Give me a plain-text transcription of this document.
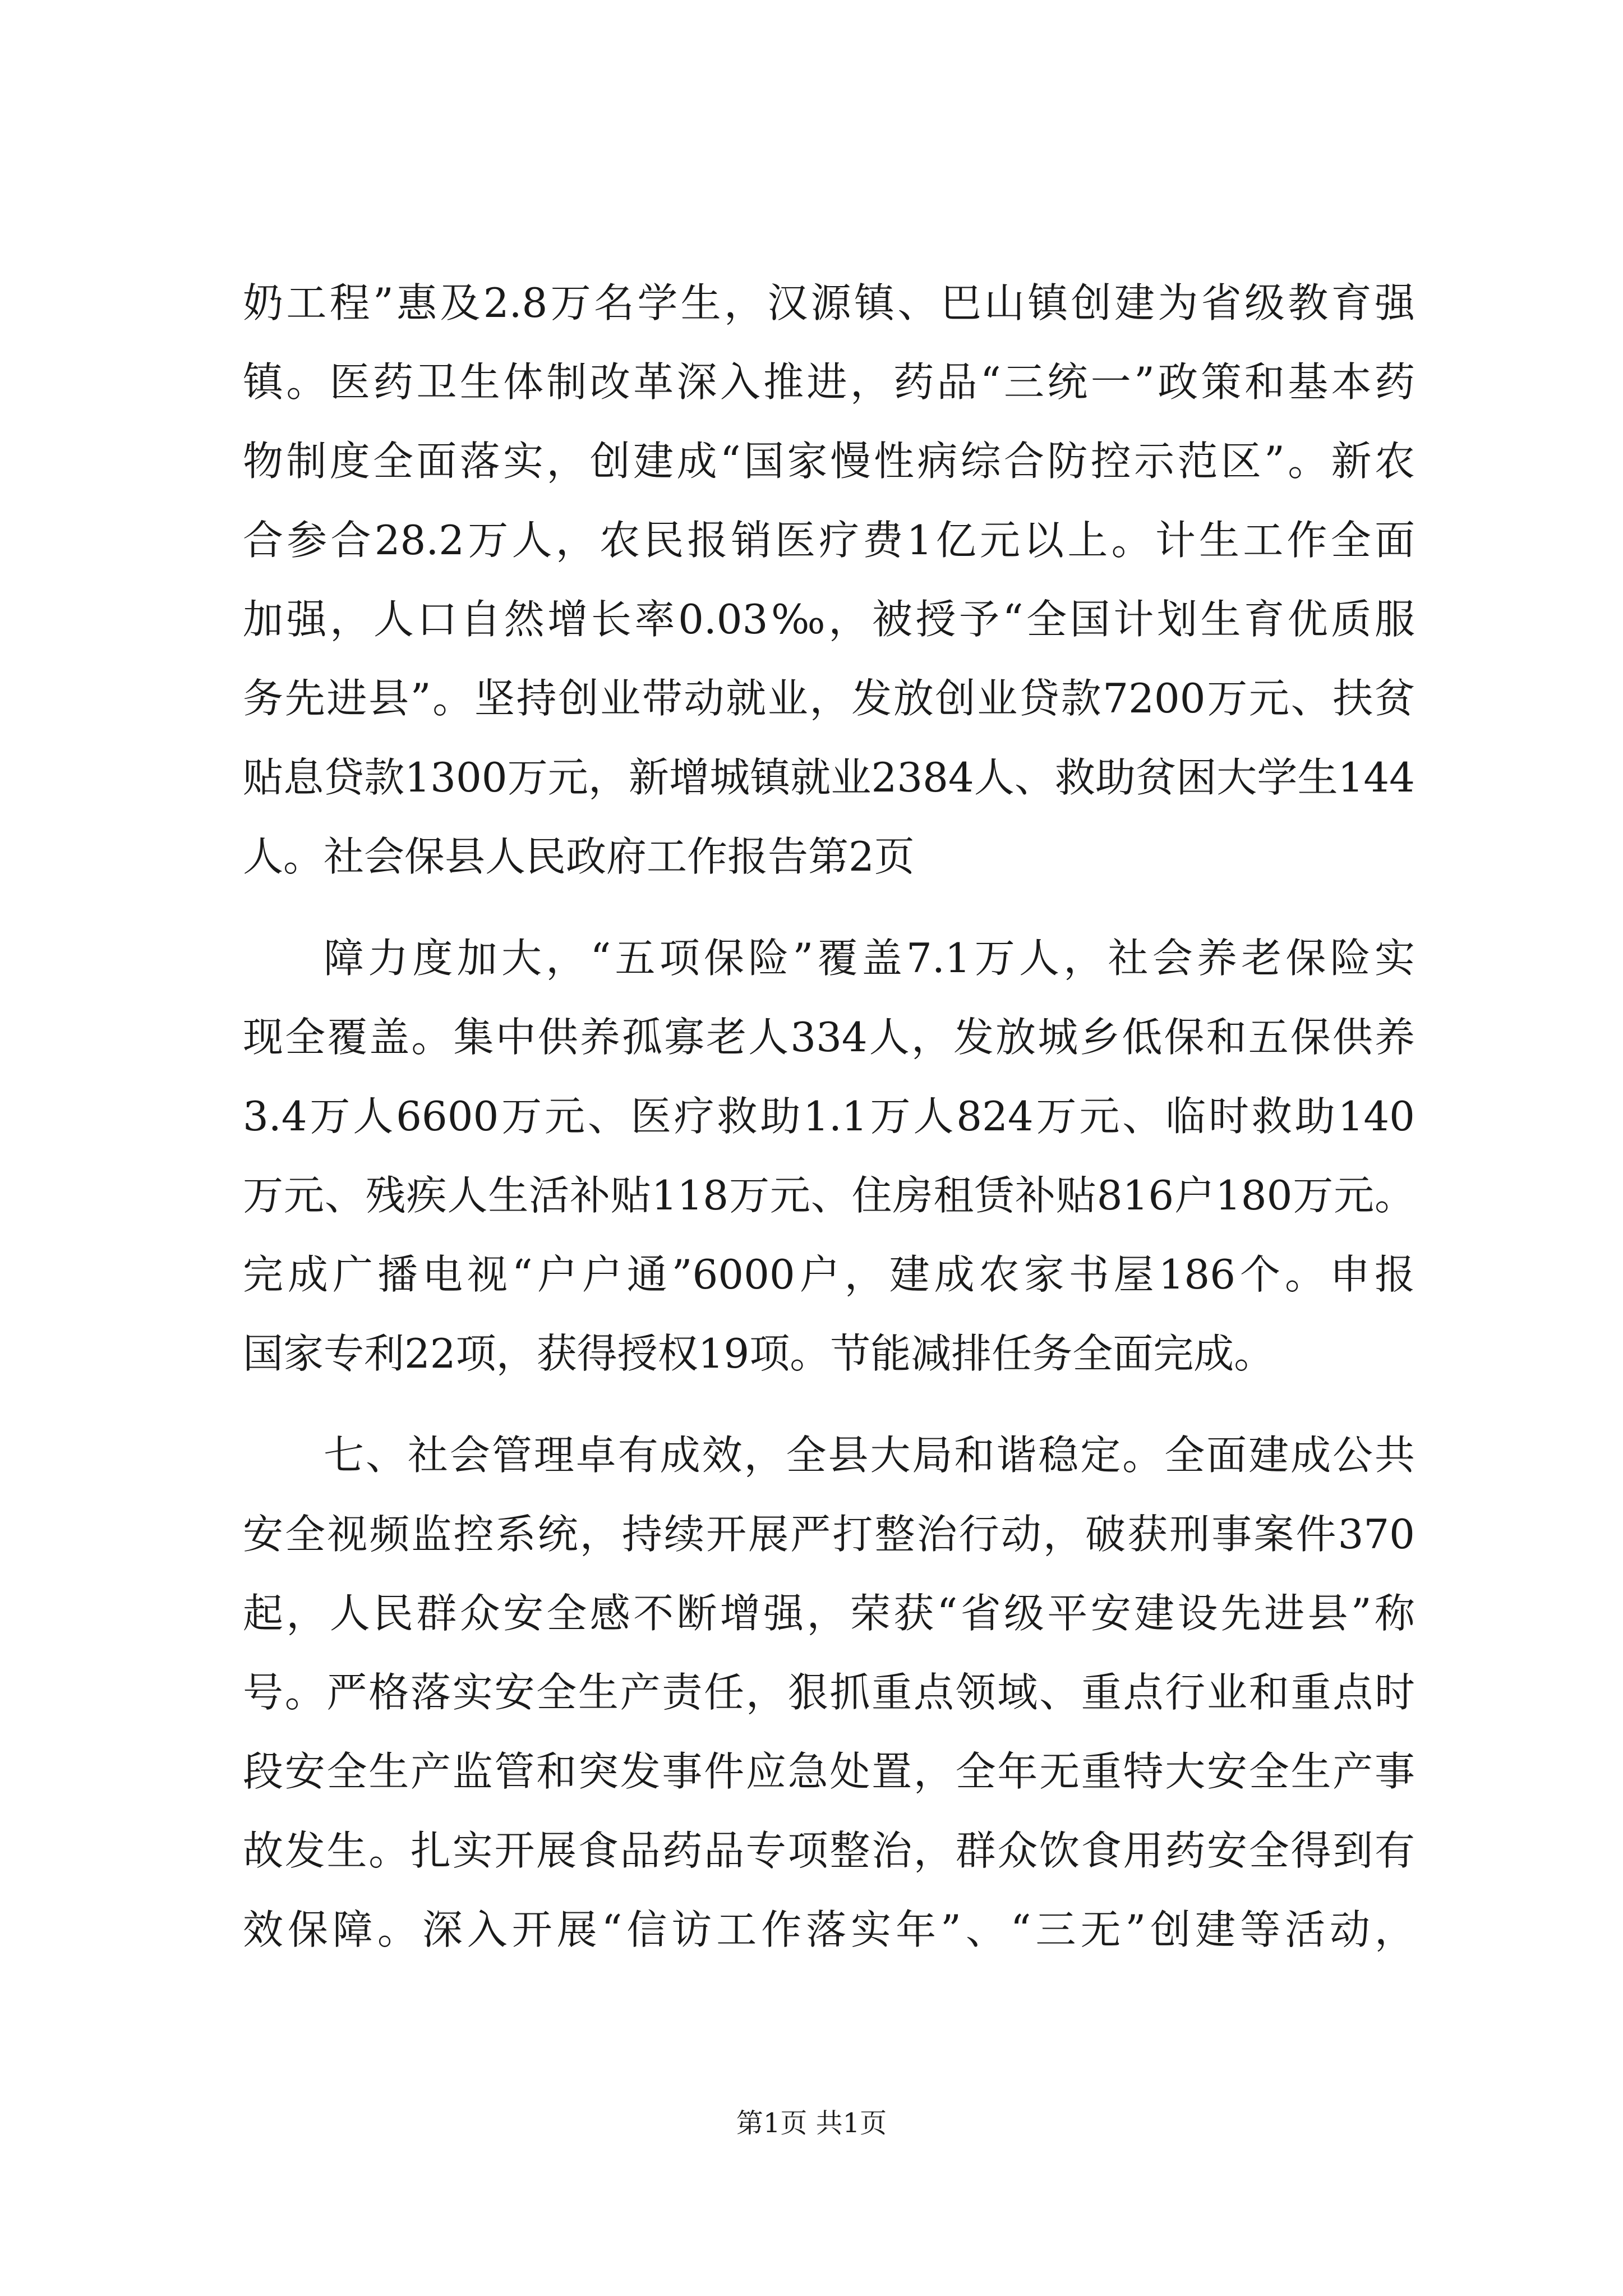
奶工程”惠及2.8万名学生，汉源镇、巴山镇创建为省级教育强
镇。医药卫生体制改革深入推进，药品“三统一”政策和基本药
物制度全面落实，创建成“国家慢性病综合防控示范区”。新农
合参合28.2万人，农民报销医疗费1亿元以上。计生工作全面
加强，人口自然增长率0.03‰，被授予“全国计划生育优质服
务先进县”。坚持创业带动就业，发放创业贷款7200万元、扶贫
贴息贷款1300万元，新增城镇就业2384人、救助贫困大学生144
人。社会保县人民政府工作报告第2页
障力度加大，“五项保险”覆盖7.1万人，社会养老保险实
现全覆盖。集中供养孤寡老人334人，发放城乡低保和五保供养
3.4万人6600万元、医疗救助1.1万人824万元、临时救助140
万元、残疾人生活补贴118万元、住房租赁补贴816户180万元。
完成广播电视“户户通”6000户，建成农家书屋186个。申报
国家专利22项，获得授权19项。节能减排任务全面完成。
七、社会管理卓有成效，全县大局和谐稳定。全面建成公共
安全视频监控系统，持续开展严打整治行动，破获刑事案件370
起，人民群众安全感不断增强，荣获“省级平安建设先进县”称
号。严格落实安全生产责任，狠抓重点领域、重点行业和重点时
段安全生产监管和突发事件应急处置，全年无重特大安全生产事
故发生。扎实开展食品药品专项整治，群众饮食用药安全得到有
效保障。深入开展“信访工作落实年”、“三无”创建等活动，
第1页 共1页
